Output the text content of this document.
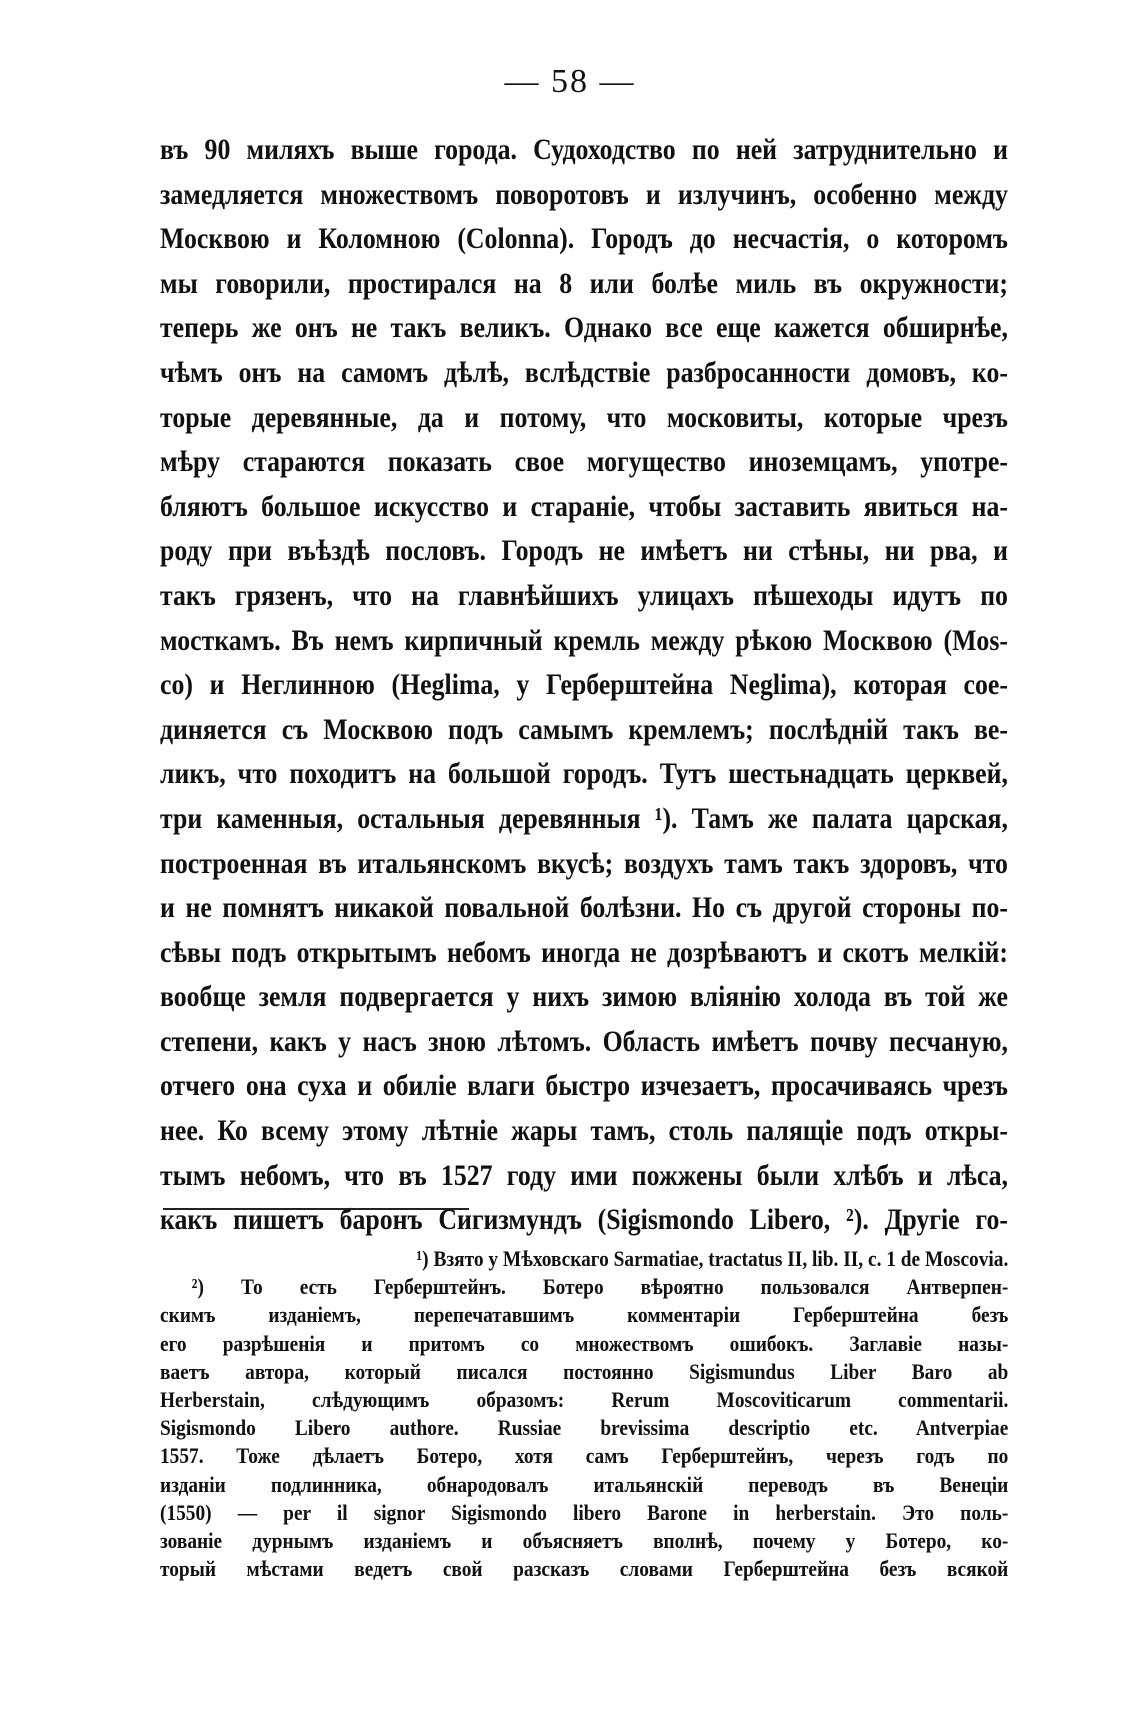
— 58 —
въ 90 миляхъ выше города. Судоходство по ней затруднительно и
замедляется множествомъ поворотовъ и излучинъ, особенно между
Москвою и Коломною (Colonna). Городъ до несчастія, о которомъ
мы говорили, простирался на 8 или болѣе миль въ окружности;
теперь же онъ не такъ великъ. Однако все еще кажется обширнѣе,
чѣмъ онъ на самомъ дѣлѣ, вслѣдствіе разбросанности домовъ, ко-
торые деревянные, да и потому, что московиты, которые чрезъ
мѣру стараются показать свое могущество иноземцамъ, употре-
бляютъ большое искусство и стараніе, чтобы заставить явиться на-
роду при въѣздѣ пословъ. Городъ не имѣетъ ни стѣны, ни рва, и
такъ грязенъ, что на главнѣйшихъ улицахъ пѣшеходы идутъ по
мосткамъ. Въ немъ кирпичный кремль между рѣкою Москвою (Mos-
co) и Неглинною (Heglima, у Герберштейна Neglima), которая сое-
диняется съ Москвою подъ самымъ кремлемъ; послѣдній такъ ве-
ликъ, что походитъ на большой городъ. Тутъ шестьнадцать церквей,
три каменныя, остальныя деревянныя ¹). Тамъ же палата царская,
построенная въ итальянскомъ вкусѣ; воздухъ тамъ такъ здоровъ, что
и не помнятъ никакой повальной болѣзни. Но съ другой стороны по-
сѣвы подъ открытымъ небомъ иногда не дозрѣваютъ и скотъ мелкій:
вообще земля подвергается у нихъ зимою вліянію холода въ той же
степени, какъ у насъ зною лѣтомъ. Область имѣетъ почву песчаную,
отчего она суха и обиліе влаги быстро изчезаетъ, просачиваясь чрезъ
нее. Ко всему этому лѣтніе жары тамъ, столь палящіе подъ откры-
тымъ небомъ, что въ 1527 году ими пожжены были хлѣбъ и лѣса,
какъ пишетъ баронъ Сигизмундъ (Sigismondo Libero, ²). Другіе го-
¹) Взято у Мѣховскаго Sarmatiae, tractatus II, lib. II, c. 1 de Moscovia.
²) То есть Герберштейнъ. Ботеро вѣроятно пользовался Антверпен-
скимъ изданіемъ, перепечатавшимъ комментаріи Герберштейна безъ
его разрѣшенія и притомъ со множествомъ ошибокъ. Заглавіе назы-
ваетъ автора, который писался постоянно Sigismundus Liber Baro ab
Herberstain, слѣдующимъ образомъ: Rerum Moscoviticarum commentarii.
Sigismondo Libero authore. Russiae brevissima descriptio etc. Antverpiae
1557. Тоже дѣлаетъ Ботеро, хотя самъ Герберштейнъ, черезъ годъ по
изданіи подлинника, обнародовалъ итальянскій переводъ въ Венеціи
(1550) — per il signor Sigismondo libero Barone in herberstain. Это поль-
зованіе дурнымъ изданіемъ и объясняетъ вполнѣ, почему у Ботеро, ко-
торый мѣстами ведетъ свой разсказъ словами Герберштейна безъ всякой
